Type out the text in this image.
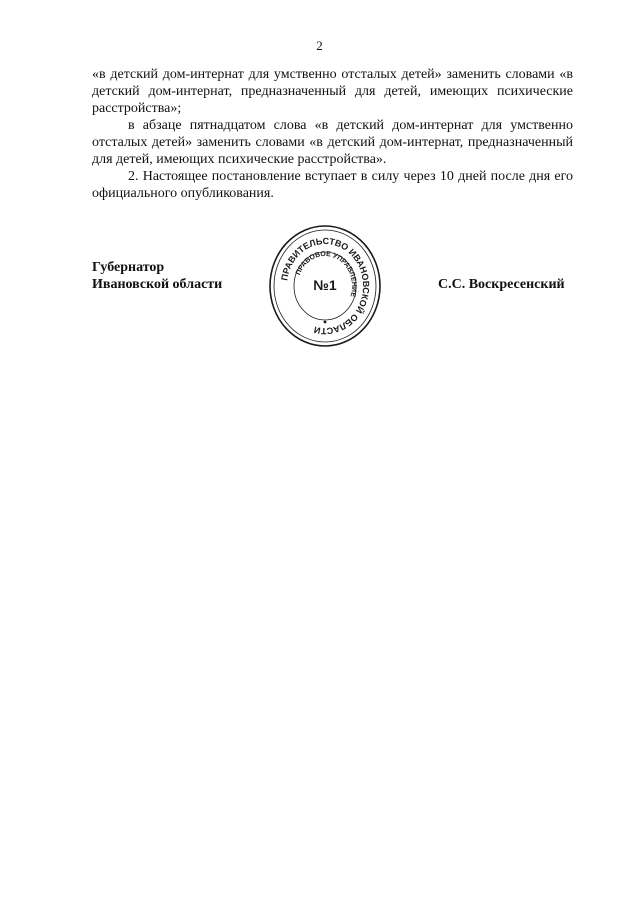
2

«в детский дом-интернат для умственно отсталых детей» заменить словами «в детский дом-интернат, предназначенный для детей, имеющих психические расстройства»;

в абзаце пятнадцатом слова «в детский дом-интернат для умственно отсталых детей» заменить словами «в детский дом-интернат, предназначенный для детей, имеющих психические расстройства».

2. Настоящее постановление вступает в силу через 10 дней после дня его официального опубликования.

Губернатор
Ивановской области	ПРАВИТЕЛЬСТВО ИВАНОВСКОЙ ОБЛАСТИ
ПРАВОВОЕ УПРАВЛЕНИЕ
№1	С.С. Воскресенский
